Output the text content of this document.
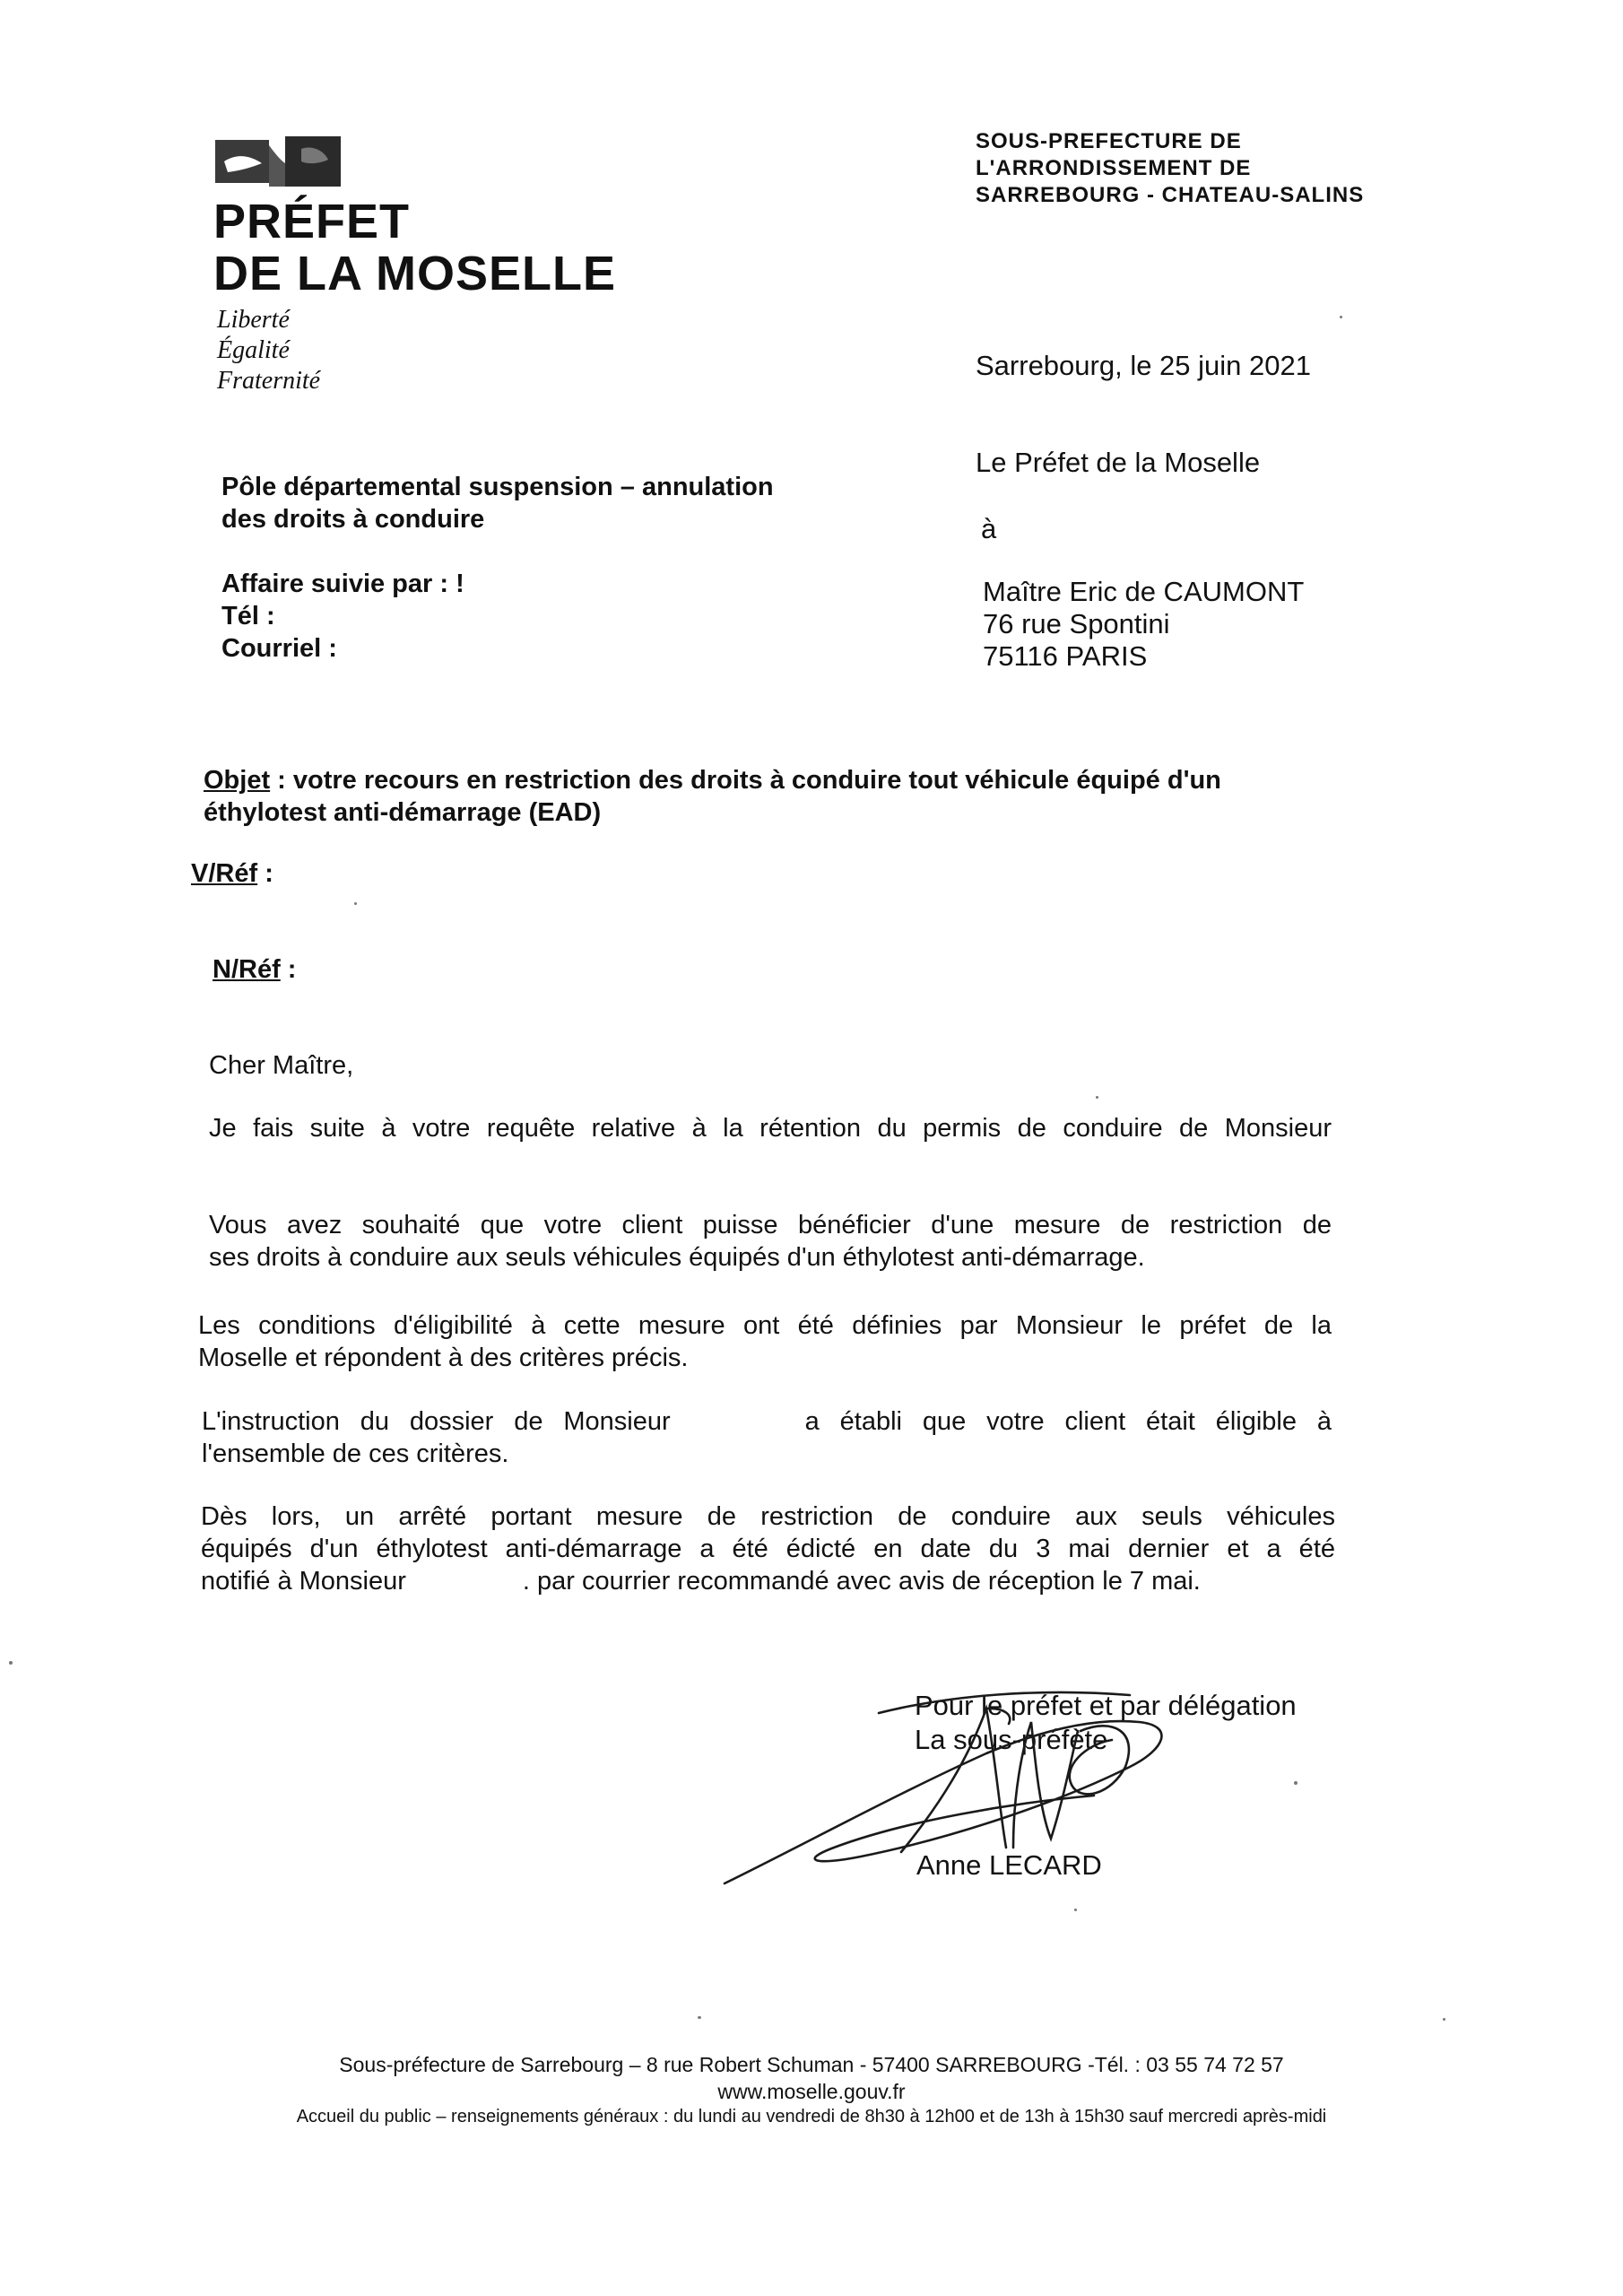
PRÉFET
DE LA MOSELLE
Liberté
Égalité
Fraternité
SOUS-PREFECTURE DE
L'ARRONDISSEMENT DE
SARREBOURG - CHATEAU-SALINS
Sarrebourg, le 25 juin 2021
Le Préfet de la Moselle
à
Maître Eric de CAUMONT
76 rue Spontini
75116 PARIS
Pôle départemental suspension – annulation
des droits à conduire
Affaire suivie par : !
Tél :
Courriel :
Objet : votre recours en restriction des droits à conduire tout véhicule équipé d'un
éthylotest anti-démarrage (EAD)
V/Réf :
N/Réf :
Cher Maître,
Je fais suite à votre requête relative à la rétention du permis de conduire de Monsieur
Vous avez souhaité que votre client puisse bénéficier d'une mesure de restriction de
ses droits à conduire aux seuls véhicules équipés d'un éthylotest anti-démarrage.
Les conditions d'éligibilité à cette mesure ont été définies par Monsieur le préfet de la
Moselle et répondent à des critères précis.
L'instruction du dossier de Monsieur	a établi que votre client était éligible à
l'ensemble de ces critères.
Dès lors, un arrêté portant mesure de restriction de conduire aux seuls véhicules
équipés d'un éthylotest anti-démarrage a été édicté en date du 3 mai dernier et a été
notifié à Monsieur	. par courrier recommandé avec avis de réception le 7 mai.
Pour le préfet et par délégation
La sous-préfète
Anne LECARD
Sous-préfecture de Sarrebourg – 8 rue Robert Schuman - 57400 SARREBOURG -Tél. : 03 55 74 72 57
www.moselle.gouv.fr
Accueil du public – renseignements généraux : du lundi au vendredi de 8h30 à 12h00 et de 13h à 15h30 sauf mercredi après-midi
